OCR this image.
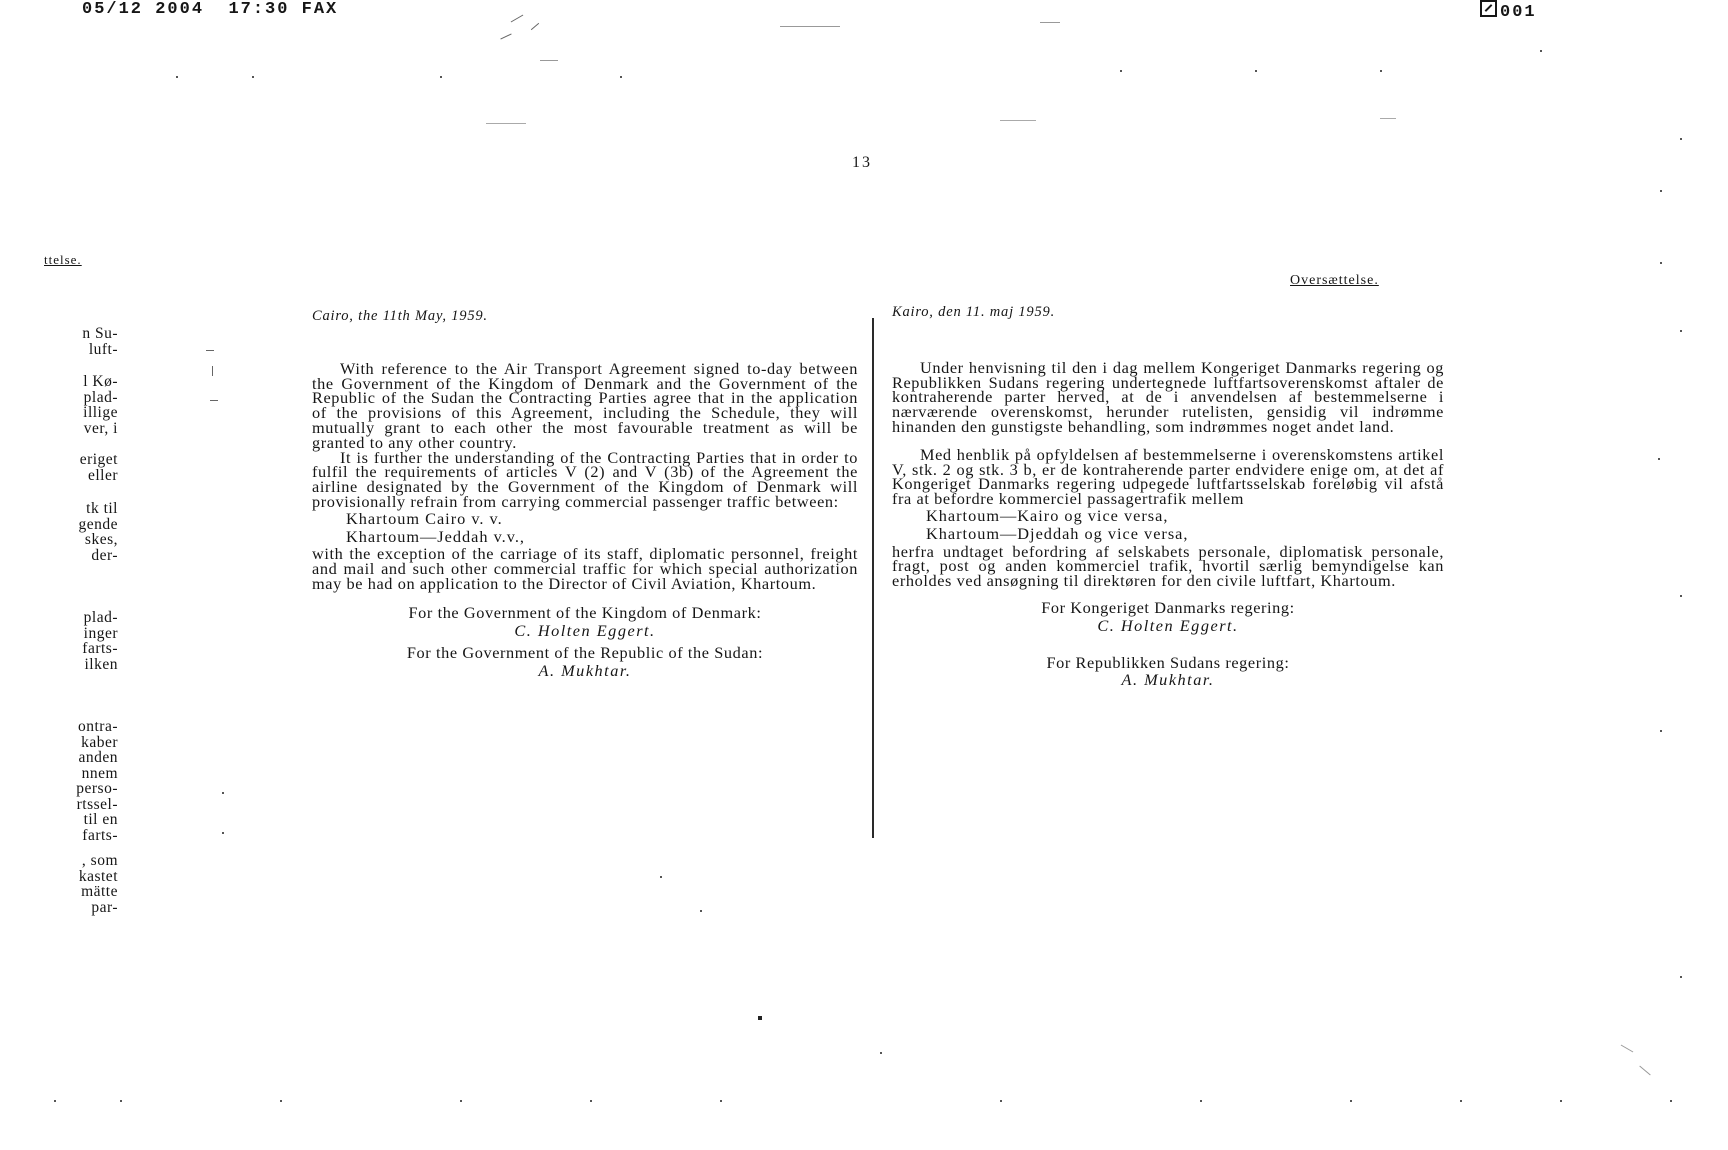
05/12 2004 17:30 FAX	001
13
ttelse.
n Su-
luft-
l Kø-
plad-
illige
ver, i
eriget
eller
tk til
gende
skes,
der-
plad-
inger
farts-
ilken
ontra-
kaber
anden
nnem
perso-
rtssel-
til en
farts-
, som
kastet
mätte
par-
Oversættelse.

Cairo, the 11th May, 1959.

With reference to the Air Transport Agreement signed to-day between the Government of the Kingdom of Denmark and the Government of the Republic of the Sudan the Contracting Parties agree that in the application of the provisions of this Agreement, including the Schedule, they will mutually grant to each other the most favourable treatment as will be granted to any other country.

It is further the understanding of the Contracting Parties that in order to fulfil the requirements of articles V (2) and V (3b) of the Agreement the airline designated by the Government of the Kingdom of Denmark will provisionally refrain from carrying commercial passenger traffic between:

Khartoum Cairo v. v.

Khartoum—Jeddah v.v.,

with the exception of the carriage of its staff, diplomatic personnel, freight and mail and such other commercial traffic for which special authorization may be had on application to the Director of Civil Aviation, Khartoum.

For the Government of the Kingdom of Denmark:

C. Holten Eggert.

For the Government of the Republic of the Sudan:

A. Mukhtar.

Kairo, den 11. maj 1959.

Under henvisning til den i dag mellem Kongeriget Danmarks regering og Republikken Sudans regering undertegnede luftfartsoverenskomst aftaler de kontraherende parter herved, at de i anvendelsen af bestemmelserne i nærværende overenskomst, herunder rutelisten, gensidig vil indrømme hinanden den gunstigste behandling, som indrømmes noget andet land.

Med henblik på opfyldelsen af bestemmelserne i overenskomstens artikel V, stk. 2 og stk. 3 b, er de kontraherende parter endvidere enige om, at det af Kongeriget Danmarks regering udpegede luftfartsselskab foreløbig vil afstå fra at befordre kommerciel passagertrafik mellem

Khartoum—Kairo og vice versa,

Khartoum—Djeddah og vice versa,

herfra undtaget befordring af selskabets personale, diplomatisk personale, fragt, post og anden kommerciel trafik, hvortil særlig bemyndigelse kan erholdes ved ansøgning til direktøren for den civile luftfart, Khartoum.

For Kongeriget Danmarks regering:

C. Holten Eggert.

For Republikken Sudans regering:

A. Mukhtar.
